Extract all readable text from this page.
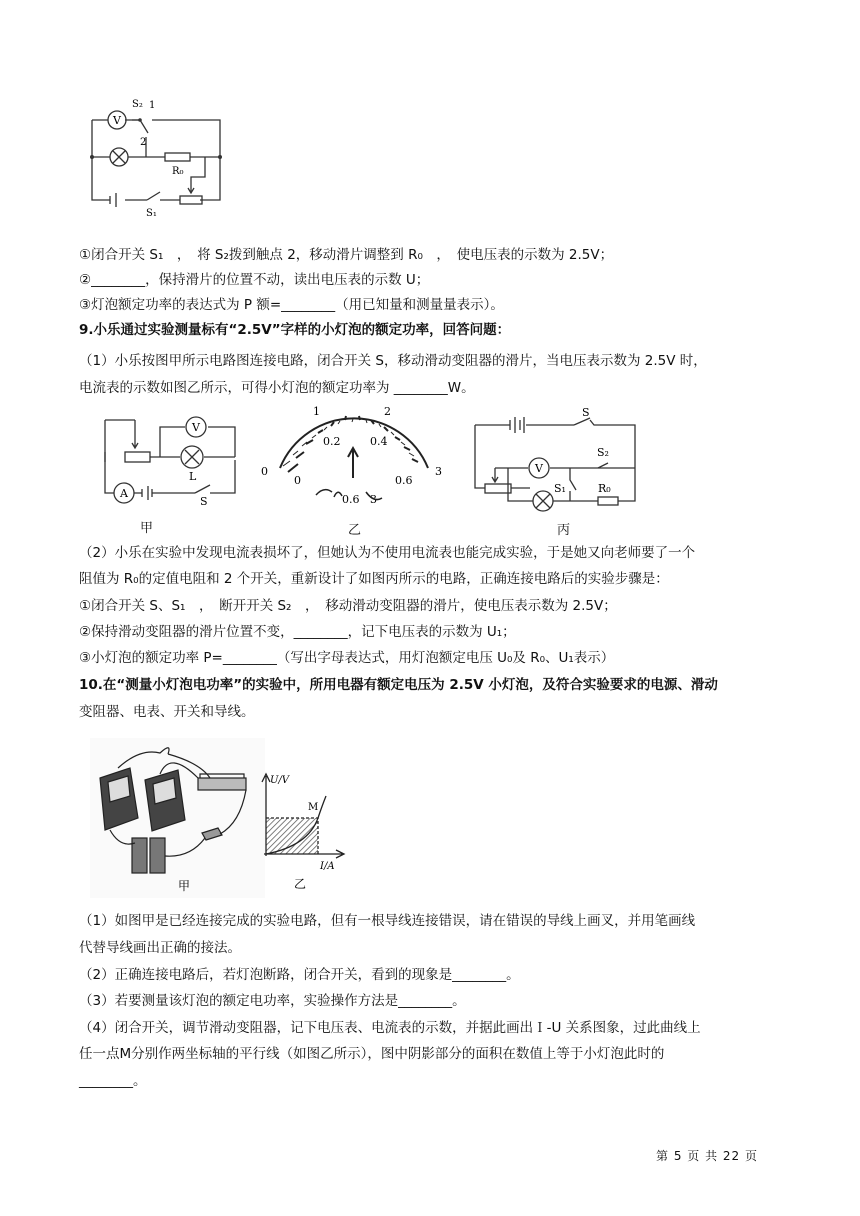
V
S₂ 1
2
R₀
S₁
①闭合开关 S₁　，　将 S₂拨到触点 2，移动滑片调整到 R₀　，　使电压表的示数为 2.5V；
②________，保持滑片的位置不动，读出电压表的示数 U；
③灯泡额定功率的表达式为 P 额=________（用已知量和测量量表示）。
9.小乐通过实验测量标有“2.5V”字样的小灯泡的额定功率，回答问题：
（1）小乐按图甲所示电路图连接电路，闭合开关 S，移动滑动变阻器的滑片，当电压表示数为 2.5V 时，
电流表的示数如图乙所示，可得小灯泡的额定功率为 ________W。
V
A
L
S
甲
1	2
0.2	0.4
0
0
3
0.6
0.6 3
乙
V
S
S₂
S₁	R₀
丙
（2）小乐在实验中发现电流表损坏了，但她认为不使用电流表也能完成实验，于是她又向老师要了一个
阻值为 R₀的定值电阻和 2 个开关，重新设计了如图丙所示的电路，正确连接电路后的实验步骤是：
①闭合开关 S、S₁　，　断开开关 S₂　，　移动滑动变阻器的滑片，使电压表示数为 2.5V；
②保持滑动变阻器的滑片位置不变，________，记下电压表的示数为 U₁；
③小灯泡的额定功率 P=________（写出字母表达式，用灯泡额定电压 U₀及 R₀、U₁表示）
10.在“测量小灯泡电功率”的实验中，所用电器有额定电压为 2.5V 小灯泡，及符合实验要求的电源、滑动
变阻器、电表、开关和导线。
甲
U/V
M
I/A
乙
（1）如图甲是已经连接完成的实验电路，但有一根导线连接错误，请在错误的导线上画叉，并用笔画线
代替导线画出正确的接法。
（2）正确连接电路后，若灯泡断路，闭合开关，看到的现象是________。
（3）若要测量该灯泡的额定电功率，实验操作方法是________。
（4）闭合开关，调节滑动变阻器，记下电压表、电流表的示数，并据此画出Ｉ-U 关系图象，过此曲线上
任一点M分别作两坐标轴的平行线（如图乙所示），图中阴影部分的面积在数值上等于小灯泡此时的
________。
第 5 页 共 22 页
